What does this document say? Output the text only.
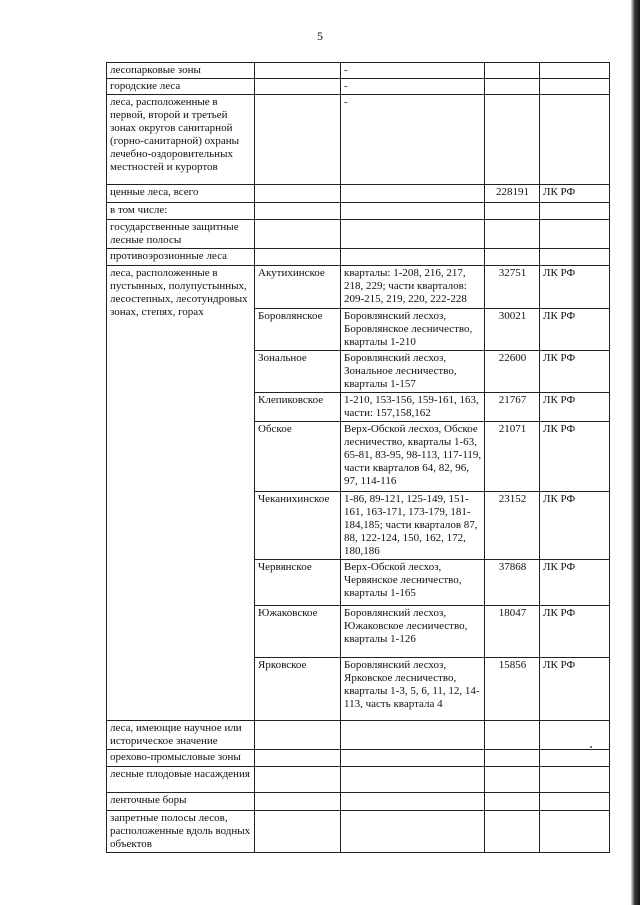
5
лесопарковые зоны		-		
городские леса		-		
леса, расположенные в первой, второй и третьей зонах округов санитарной (горно-санитарной) охраны лечебно-оздоровительных местностей и курортов		-		
ценные леса, всего			228191	ЛК РФ
в том числе:				
государственные защитные лесные полосы				
противоэрозионные леса				
леса, расположенные в пустынных, полупустынных, лесостепных, лесотундровых зонах, степях, горах	Акутихинское	кварталы: 1-208, 216, 217, 218, 229; части кварталов: 209-215, 219, 220, 222-228	32751	ЛК РФ
	Боровлянское	Боровлянский лесхоз, Боровлянское лесничество, кварталы 1-210	30021	ЛК РФ
	Зональное	Боровлянский лесхоз, Зональное лесничество, кварталы 1-157	22600	ЛК РФ
	Клепиковское	1-210, 153-156, 159-161, 163, части: 157,158,162	21767	ЛК РФ
	Обское	Верх-Обской лесхоз, Обское лесничество, кварталы 1-63, 65-81, 83-95, 98-113, 117-119, части кварталов 64, 82, 96, 97, 114-116	21071	ЛК РФ
	Чеканихинское	1-86, 89-121, 125-149, 151-161, 163-171, 173-179, 181-184,185; части кварталов 87, 88, 122-124, 150, 162, 172, 180,186	23152	ЛК РФ
	Червянское	Верх-Обской лесхоз, Червянское лесничество, кварталы 1-165	37868	ЛК РФ
	Южаковское	Боровлянский лесхоз, Южаковское лесничество, кварталы 1-126	18047	ЛК РФ
	Ярковское	Боровлянский лесхоз, Ярковское лесничество, кварталы 1-3, 5, 6, 11, 12, 14-113, часть квартала 4	15856	ЛК РФ
леса, имеющие научное или историческое значение				
орехово-промысловые зоны				
лесные плодовые насаждения				
ленточные боры				
запретные полосы лесов, расположенные вдоль водных объектов				
